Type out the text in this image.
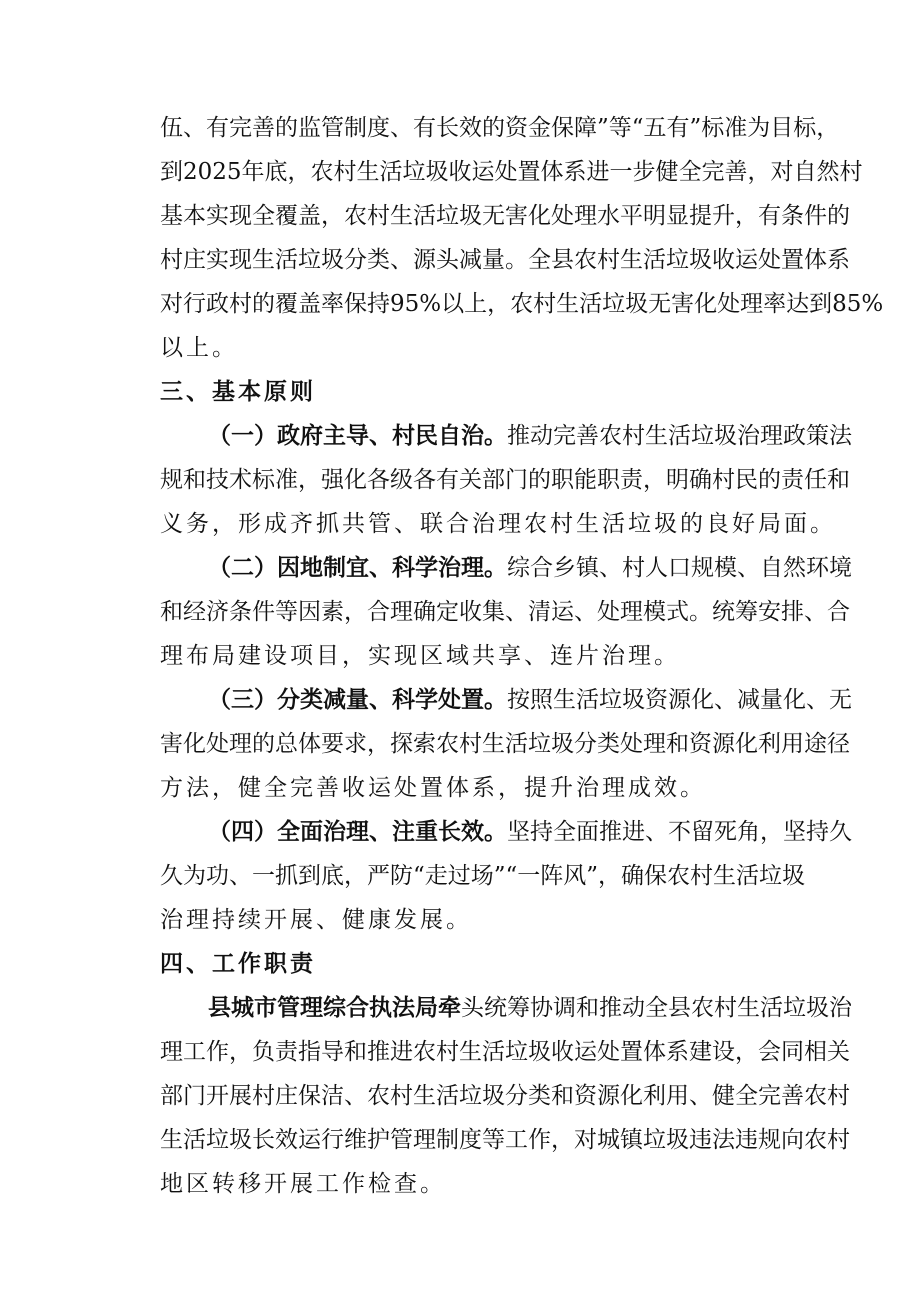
伍、有完善的监管制度、有长效的资金保障”等“五有”标准为目标，
到2025年底，农村生活垃圾收运处置体系进一步健全完善，对自然村
基本实现全覆盖，农村生活垃圾无害化处理水平明显提升，有条件的
村庄实现生活垃圾分类、源头减量。全县农村生活垃圾收运处置体系
对行政村的覆盖率保持95%以上，农村生活垃圾无害化处理率达到85%
以上。
三、基本原则
（一）政府主导、村民自治。推动完善农村生活垃圾治理政策法
规和技术标准，强化各级各有关部门的职能职责，明确村民的责任和
义务，形成齐抓共管、联合治理农村生活垃圾的良好局面。
（二）因地制宜、科学治理。综合乡镇、村人口规模、自然环境
和经济条件等因素，合理确定收集、清运、处理模式。统筹安排、合
理布局建设项目，实现区域共享、连片治理。
（三）分类减量、科学处置。按照生活垃圾资源化、减量化、无
害化处理的总体要求，探索农村生活垃圾分类处理和资源化利用途径
方法，健全完善收运处置体系，提升治理成效。
（四）全面治理、注重长效。坚持全面推进、不留死角，坚持久
久为功、一抓到底，严防“走过场”“一阵风”，确保农村生活垃圾
治理持续开展、健康发展。
四、工作职责
县城市管理综合执法局牵头统筹协调和推动全县农村生活垃圾治
理工作，负责指导和推进农村生活垃圾收运处置体系建设，会同相关
部门开展村庄保洁、农村生活垃圾分类和资源化利用、健全完善农村
生活垃圾长效运行维护管理制度等工作，对城镇垃圾违法违规向农村
地区转移开展工作检查。
